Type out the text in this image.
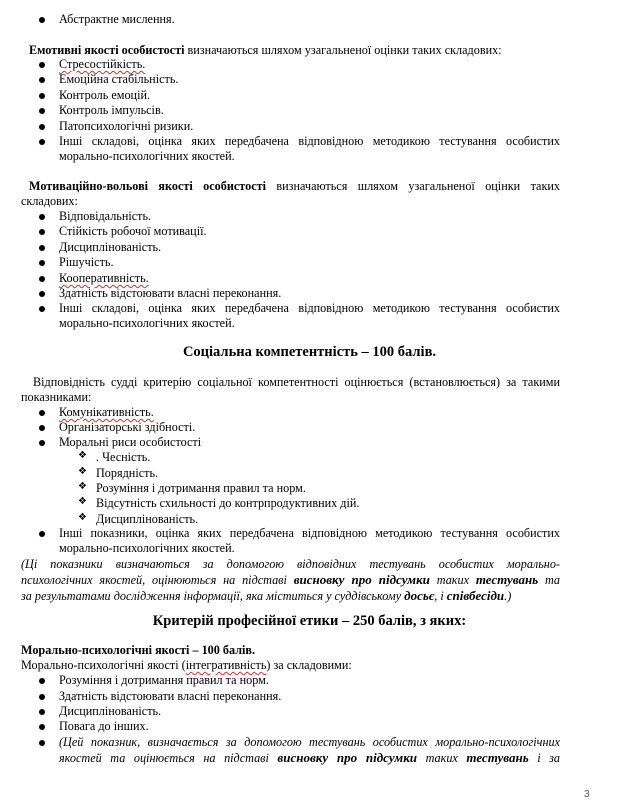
Абстрактне мислення.
Емотивні якості особистості визначаються шляхом узагальненої оцінки таких складових:
Стресостійкість.
Емоційна стабільність.
Контроль емоцій.
Контроль імпульсів.
Патопсихологічні ризики.
Інші складові, оцінка яких передбачена відповідною методикою тестування особистих
морально-психологічних якостей.
Мотиваційно-вольові якості особистості визначаються шляхом узагальненої оцінки таких
складових:
Відповідальність.
Стійкість робочої мотивації.
Дисциплінованість.
Рішучість.
Кооперативність.
Здатність відстоювати власні переконання.
Інші складові, оцінка яких передбачена відповідною методикою тестування особистих
морально-психологічних якостей.
Соціальна компетентність – 100 балів.
Відповідність судді критерію соціальної компетентності оцінюється (встановлюється) за такими
показниками:
Комунікативність.
Організаторські здібності.
Моральні риси особистості
❖ . Чесність.
❖ Порядність.
❖ Розуміння і дотримання правил та норм.
❖ Відсутність схильності до контрпродуктивних дій.
❖ Дисциплінованість.
Інші показники, оцінка яких передбачена відповідною методикою тестування особистих
морально-психологічних якостей.
(Ці показники визначаються за допомогою відповідних тестувань особистих морально-
психологічних якостей, оцінюються на підставі висновку про підсумки таких тестувань та
за результатами дослідження інформації, яка міститься у суддівському досьє, і співбесіди.)
Критерій професійної етики – 250 балів, з яких:
Морально-психологічні якості – 100 балів.
Морально-психологічні якості (інтегративність) за складовими:
Розуміння і дотримання правил та норм.
Здатність відстоювати власні переконання.
Дисциплінованість.
Повага до інших.
(Цей показник, визначається за допомогою тестувань особистих морально-психологічних
якостей та оцінюється на підставі висновку про підсумки таких тестувань і за
3
